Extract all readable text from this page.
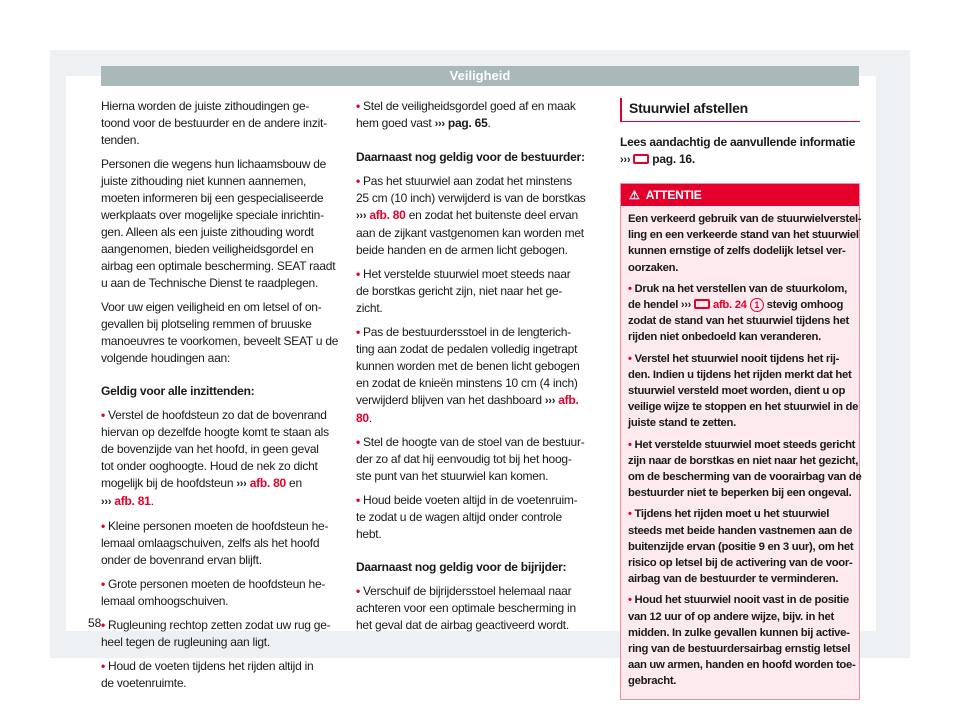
Veiligheid
Hierna worden de juiste zithoudingen ge-
toond voor de bestuurder en de andere inzit-
tenden.
Personen die wegens hun lichaamsbouw de
juiste zithouding niet kunnen aannemen,
moeten informeren bij een gespecialiseerde
werkplaats over mogelijke speciale inrichtin-
gen. Alleen als een juiste zithouding wordt
aangenomen, bieden veiligheidsgordel en
airbag een optimale bescherming. SEAT raadt
u aan de Technische Dienst te raadplegen.
Voor uw eigen veiligheid en om letsel of on-
gevallen bij plotseling remmen of bruuske
manoeuvres te voorkomen, beveelt SEAT u de
volgende houdingen aan:
Geldig voor alle inzittenden:
• Verstel de hoofdsteun zo dat de bovenrand
hiervan op dezelfde hoogte komt te staan als
de bovenzijde van het hoofd, in geen geval
tot onder ooghoogte. Houd de nek zo dicht
mogelijk bij de hoofdsteun ››› afb. 80 en
››› afb. 81.
• Kleine personen moeten de hoofdsteun he-
lemaal omlaagschuiven, zelfs als het hoofd
onder de bovenrand ervan blijft.
• Grote personen moeten de hoofdsteun he-
lemaal omhoogschuiven.
• Rugleuning rechtop zetten zodat uw rug ge-
heel tegen de rugleuning aan ligt.
• Houd de voeten tijdens het rijden altijd in
de voetenruimte.
• Stel de veiligheidsgordel goed af en maak
hem goed vast ››› pag. 65.
Daarnaast nog geldig voor de bestuurder:
• Pas het stuurwiel aan zodat het minstens
25 cm (10 inch) verwijderd is van de borstkas
››› afb. 80 en zodat het buitenste deel ervan
aan de zijkant vastgenomen kan worden met
beide handen en de armen licht gebogen.
• Het verstelde stuurwiel moet steeds naar
de borstkas gericht zijn, niet naar het ge-
zicht.
• Pas de bestuurdersstoel in de lengterich-
ting aan zodat de pedalen volledig ingetrapt
kunnen worden met de benen licht gebogen
en zodat de knieën minstens 10 cm (4 inch)
verwijderd blijven van het dashboard ››› afb.
80.
• Stel de hoogte van de stoel van de bestuur-
der zo af dat hij eenvoudig tot bij het hoog-
ste punt van het stuurwiel kan komen.
• Houd beide voeten altijd in de voetenruim-
te zodat u de wagen altijd onder controle
hebt.
Daarnaast nog geldig voor de bijrijder:
• Verschuif de bijrijdersstoel helemaal naar
achteren voor een optimale bescherming in
het geval dat de airbag geactiveerd wordt.
Stuurwiel afstellen
Lees aandachtig de aanvullende informatie
››› pag. 16.
⚠ ATTENTIE
Een verkeerd gebruik van de stuurwielverstel-
ling en een verkeerde stand van het stuurwiel
kunnen ernstige of zelfs dodelijk letsel ver-
oorzaken.
• Druk na het verstellen van de stuurkolom,
de hendel ››› afb. 24 1 stevig omhoog
zodat de stand van het stuurwiel tijdens het
rijden niet onbedoeld kan veranderen.
• Verstel het stuurwiel nooit tijdens het rij-
den. Indien u tijdens het rijden merkt dat het
stuurwiel versteld moet worden, dient u op
veilige wijze te stoppen en het stuurwiel in de
juiste stand te zetten.
• Het verstelde stuurwiel moet steeds gericht
zijn naar de borstkas en niet naar het gezicht,
om de bescherming van de voorairbag van de
bestuurder niet te beperken bij een ongeval.
• Tijdens het rijden moet u het stuurwiel
steeds met beide handen vastnemen aan de
buitenzijde ervan (positie 9 en 3 uur), om het
risico op letsel bij de activering van de voor-
airbag van de bestuurder te verminderen.
• Houd het stuurwiel nooit vast in de positie
van 12 uur of op andere wijze, bijv. in het
midden. In zulke gevallen kunnen bij active-
ring van de bestuurdersairbag ernstig letsel
aan uw armen, handen en hoofd worden toe-
gebracht.
58
